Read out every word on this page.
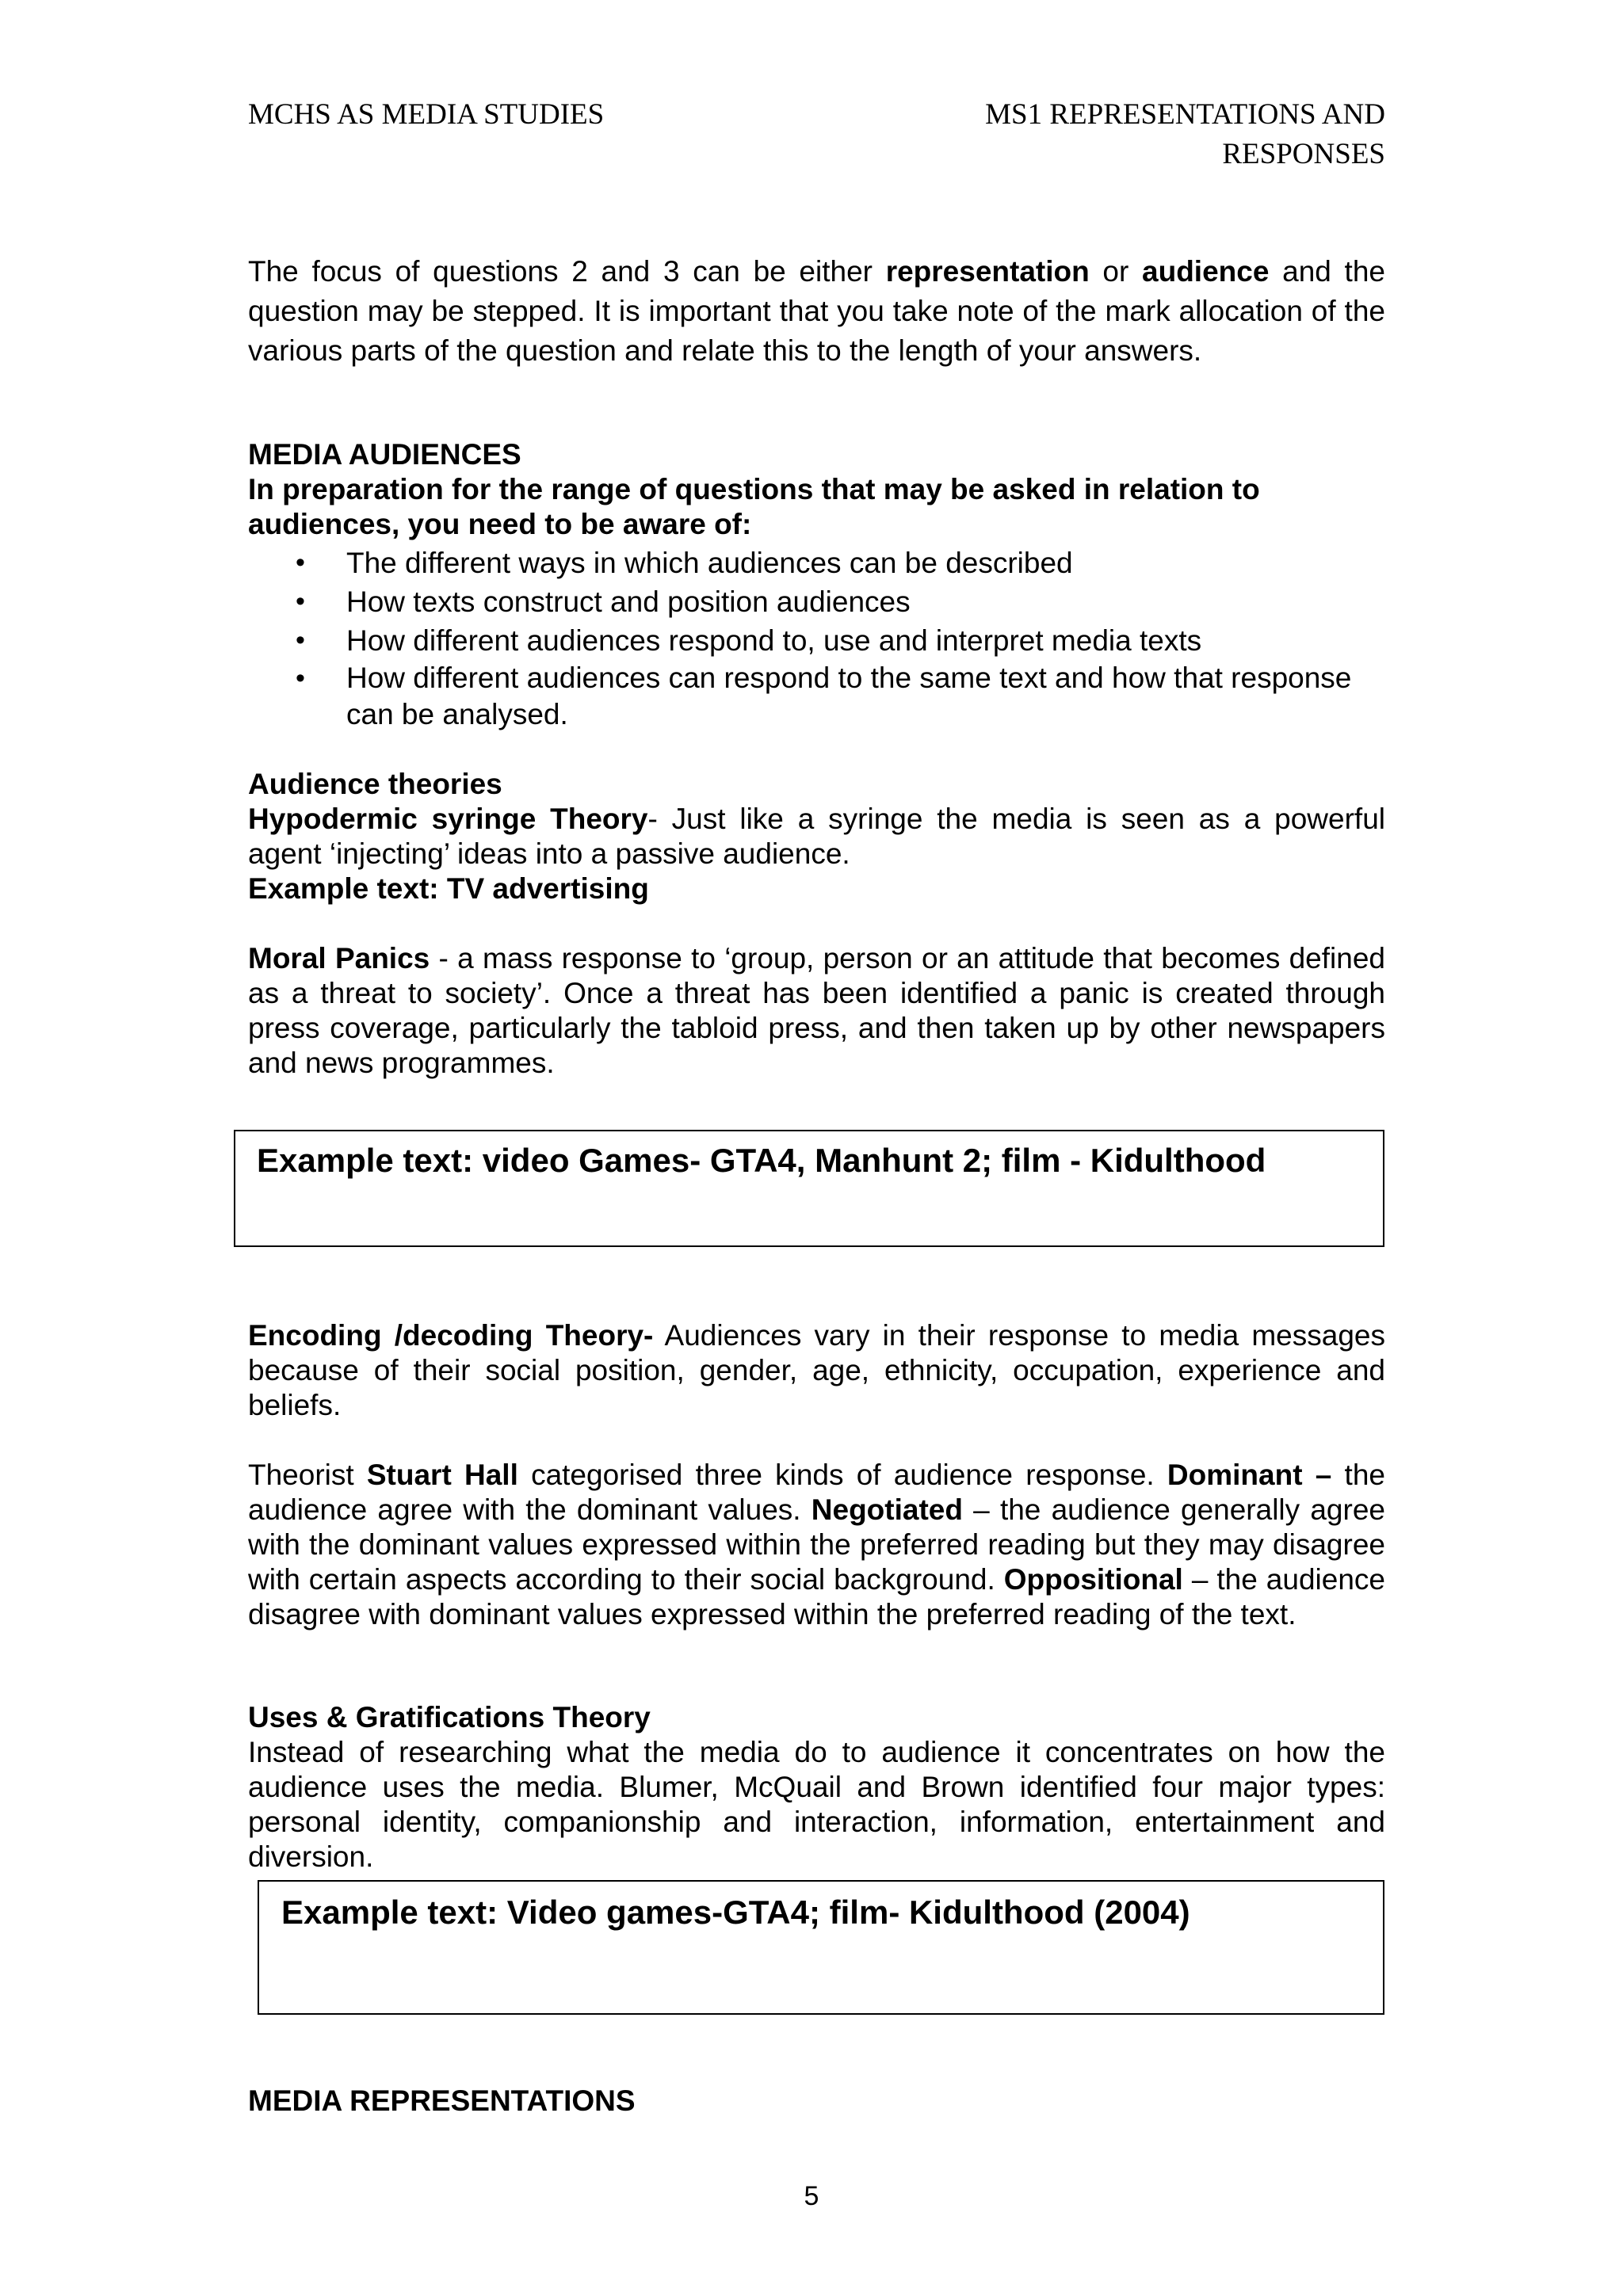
MCHS AS MEDIA STUDIES	MS1 REPRESENTATIONS AND
RESPONSES
The focus of questions 2 and 3 can be either representation or audience and the question may be stepped. It is important that you take note of the mark allocation of the various parts of the question and relate this to the length of your answers.
MEDIA AUDIENCES
In preparation for the range of questions that may be asked in relation to audiences, you need to be aware of:
• The different ways in which audiences can be described
• How texts construct and position audiences
• How different audiences respond to, use and interpret media texts
• How different audiences can respond to the same text and how that response can be analysed.
Audience theories
Hypodermic syringe Theory- Just like a syringe the media is seen as a powerful agent ‘injecting’ ideas into a passive audience.
Example text: TV advertising
Moral Panics - a mass response to ‘group, person or an attitude that becomes defined as a threat to society’. Once a threat has been identified a panic is created through press coverage, particularly the tabloid press, and then taken up by other newspapers and news programmes.
Example text: video Games- GTA4, Manhunt 2; film - Kidulthood
Encoding /decoding Theory- Audiences vary in their response to media messages because of their social position, gender, age, ethnicity, occupation, experience and beliefs.
Theorist Stuart Hall categorised three kinds of audience response. Dominant – the audience agree with the dominant values. Negotiated – the audience generally agree with the dominant values expressed within the preferred reading but they may disagree with certain aspects according to their social background. Oppositional – the audience disagree with dominant values expressed within the preferred reading of the text.
Uses & Gratifications Theory
Instead of researching what the media do to audience it concentrates on how the audience uses the media. Blumer, McQuail and Brown identified four major types: personal identity, companionship and interaction, information, entertainment and diversion.
Example text: Video games-GTA4; film- Kidulthood (2004)
MEDIA REPRESENTATIONS
5
